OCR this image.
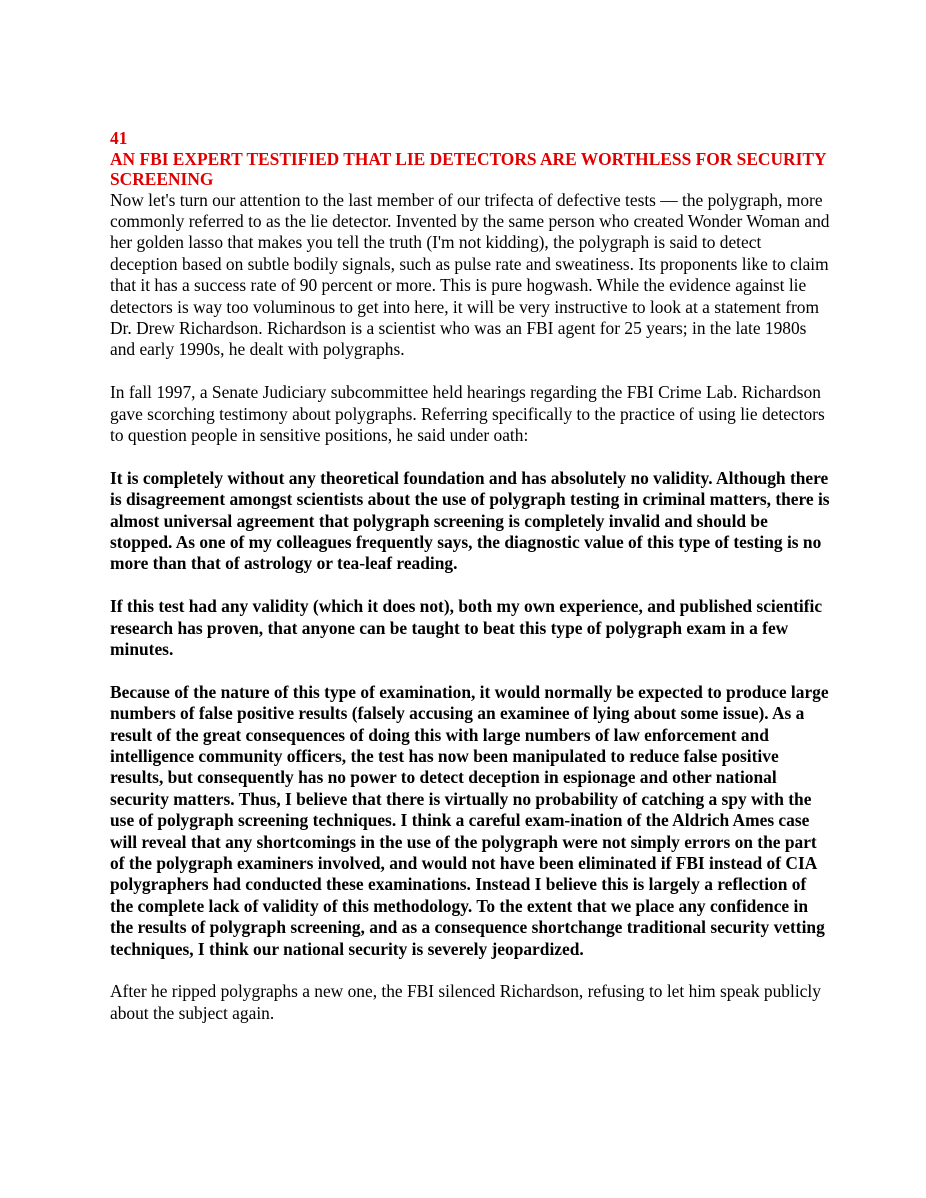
41
AN FBI EXPERT TESTIFIED THAT LIE DETECTORS ARE WORTHLESS FOR SECURITY SCREENING

Now let's turn our attention to the last member of our trifecta of defective tests — the polygraph, more commonly referred to as the lie detector. Invented by the same person who created Wonder Woman and her golden lasso that makes you tell the truth (I'm not kidding), the polygraph is said to detect deception based on subtle bodily signals, such as pulse rate and sweatiness. Its proponents like to claim that it has a success rate of 90 percent or more. This is pure hogwash. While the evidence against lie detectors is way too voluminous to get into here, it will be very instructive to look at a statement from Dr. Drew Richardson. Richardson is a scientist who was an FBI agent for 25 years; in the late 1980s and early 1990s, he dealt with polygraphs.

In fall 1997, a Senate Judiciary subcommittee held hearings regarding the FBI Crime Lab. Richardson gave scorching testimony about polygraphs. Referring specifically to the practice of using lie detectors to question people in sensitive positions, he said under oath:

It is completely without any theoretical foundation and has absolutely no validity. Although there is disagreement amongst scientists about the use of polygraph testing in criminal matters, there is almost universal agreement that polygraph screening is completely invalid and should be stopped. As one of my colleagues frequently says, the diagnostic value of this type of testing is no more than that of astrology or tea-leaf reading.

If this test had any validity (which it does not), both my own experience, and published scientific research has proven, that anyone can be taught to beat this type of polygraph exam in a few minutes.

Because of the nature of this type of examination, it would normally be expected to produce large numbers of false positive results (falsely accusing an examinee of lying about some issue). As a result of the great consequences of doing this with large numbers of law enforcement and intelligence community officers, the test has now been manipulated to reduce false positive results, but consequently has no power to detect deception in espionage and other national security matters. Thus, I believe that there is virtually no probability of catching a spy with the use of polygraph screening techniques. I think a careful exam-ination of the Aldrich Ames case will reveal that any shortcomings in the use of the polygraph were not simply errors on the part of the polygraph examiners involved, and would not have been eliminated if FBI instead of CIA polygraphers had conducted these examinations. Instead I believe this is largely a reflection of the complete lack of validity of this methodology. To the extent that we place any confidence in the results of polygraph screening, and as a consequence shortchange traditional security vetting techniques, I think our national security is severely jeopardized.

After he ripped polygraphs a new one, the FBI silenced Richardson, refusing to let him speak publicly about the subject again.
